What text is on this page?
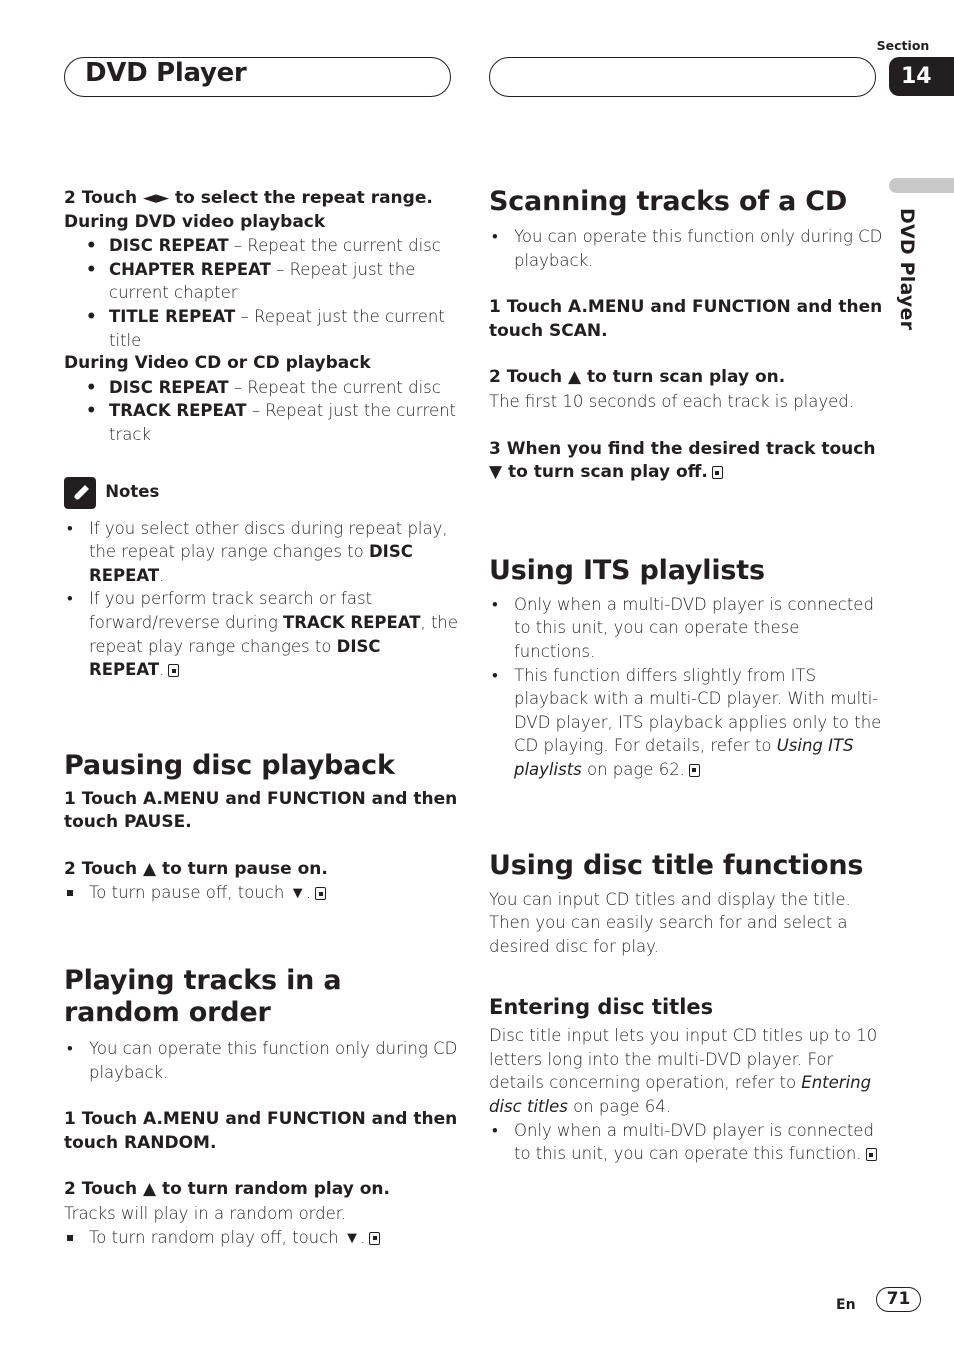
DVD Player
Section
14
DVD Player

2 Touch ◄► to select the repeat range.

During DVD video playback

• DISC REPEAT – Repeat the current disc

• CHAPTER REPEAT – Repeat just the current chapter

• TITLE REPEAT – Repeat just the current title

During Video CD or CD playback

• DISC REPEAT – Repeat the current disc

• TRACK REPEAT – Repeat just the current track

Notes

• If you select other discs during repeat play, the repeat play range changes to DISC REPEAT.

• If you perform track search or fast forward/reverse during TRACK REPEAT, the repeat play range changes to DISC REPEAT.

Pausing disc playback

1 Touch A.MENU and FUNCTION and then touch PAUSE.

2 Touch ▲ to turn pause on.

To turn pause off, touch ▼.

Playing tracks in a random order

• You can operate this function only during CD playback.

1 Touch A.MENU and FUNCTION and then touch RANDOM.

2 Touch ▲ to turn random play on.

Tracks will play in a random order.

To turn random play off, touch ▼.

Scanning tracks of a CD

• You can operate this function only during CD playback.

1 Touch A.MENU and FUNCTION and then touch SCAN.

2 Touch ▲ to turn scan play on.

The first 10 seconds of each track is played.

3 When you find the desired track touch ▼ to turn scan play off.

Using ITS playlists

• Only when a multi-DVD player is connected to this unit, you can operate these functions.

• This function differs slightly from ITS playback with a multi-CD player. With multi-DVD player, ITS playback applies only to the CD playing. For details, refer to Using ITS playlists on page 62.

Using disc title functions

You can input CD titles and display the title. Then you can easily search for and select a desired disc for play.

Entering disc titles

Disc title input lets you input CD titles up to 10 letters long into the multi-DVD player. For details concerning operation, refer to Entering disc titles on page 64.

• Only when a multi-DVD player is connected to this unit, you can operate this function.

En	71
